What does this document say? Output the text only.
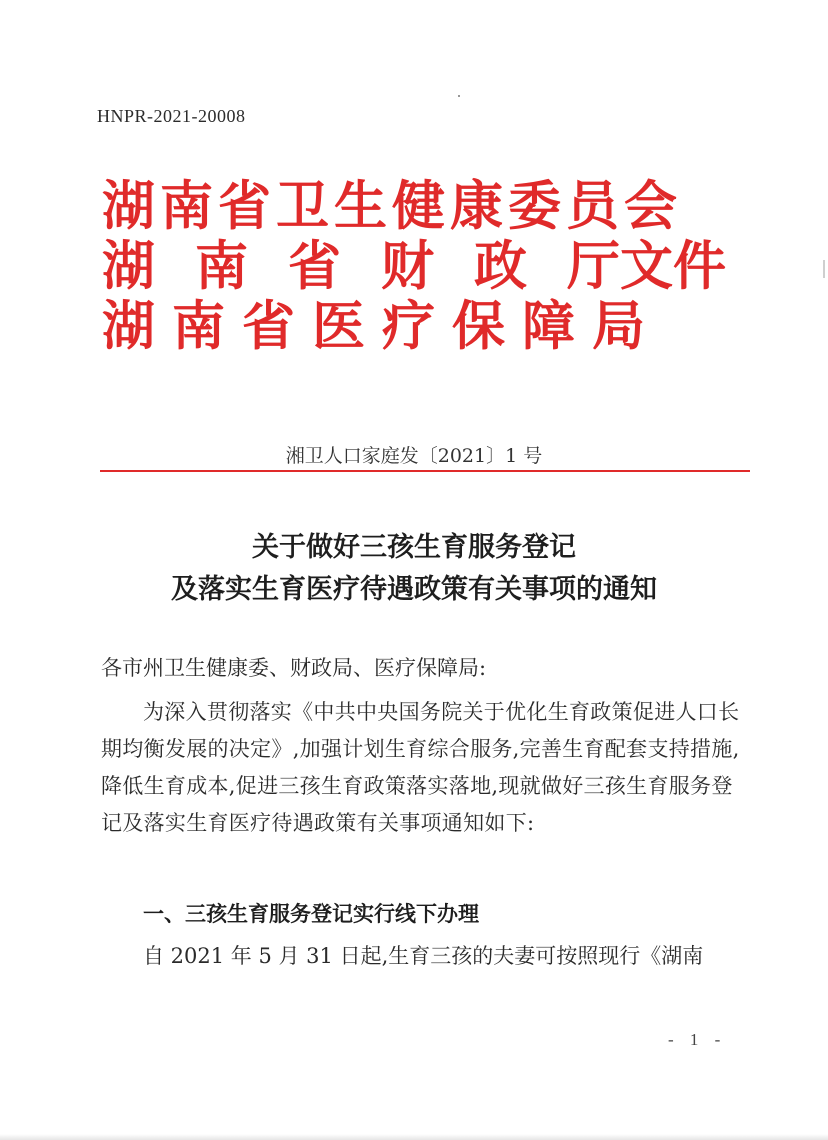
HNPR-2021-20008
湖南省卫生健康委员会
湖 南 省 财 政 厅文件
湖 南 省 医 疗 保 障 局
湘卫人口家庭发〔2021〕1 号
关于做好三孩生育服务登记
及落实生育医疗待遇政策有关事项的通知
各市州卫生健康委、财政局、医疗保障局:
为深入贯彻落实《中共中央国务院关于优化生育政策促进人口长期均衡发展的决定》,加强计划生育综合服务,完善生育配套支持措施,降低生育成本,促进三孩生育政策落实落地,现就做好三孩生育服务登记及落实生育医疗待遇政策有关事项通知如下:
一、三孩生育服务登记实行线下办理
自 2021 年 5 月 31 日起,生育三孩的夫妻可按照现行《湖南
- 1 -
